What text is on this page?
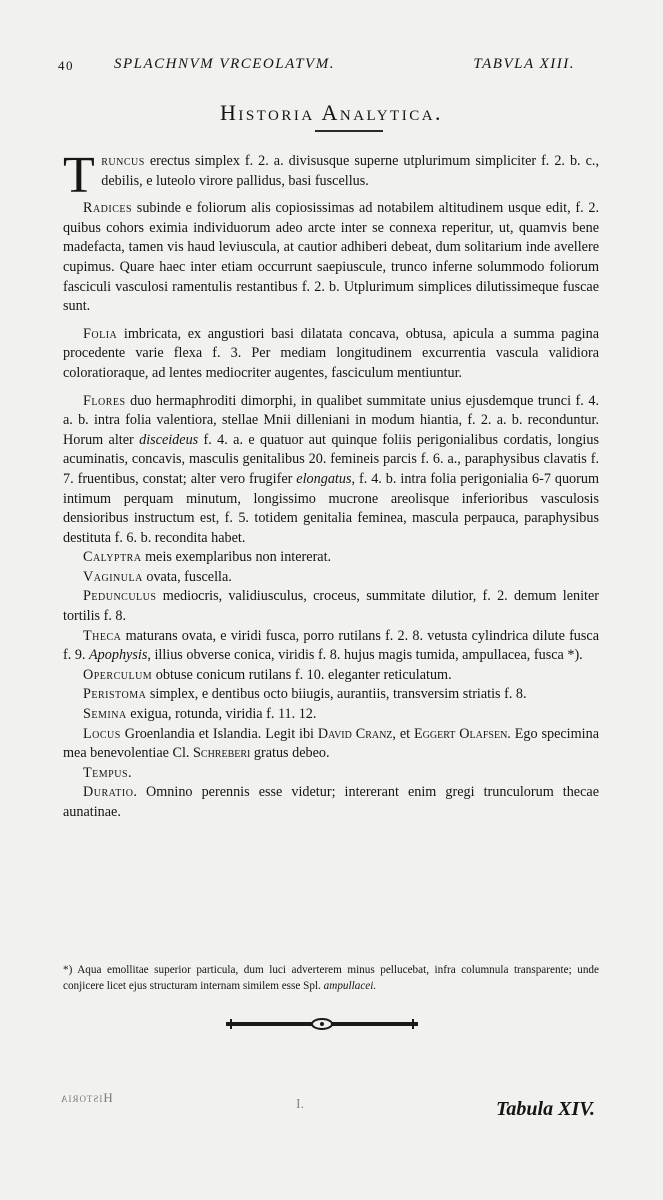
40	SPLACHNVM VRCEOLATVM.	TABVLA XIII.
Historia Analytica.

Truncus erectus simplex f. 2. a. divisusque superne utplurimum simpliciter f. 2. b. c., debilis, e luteolo virore pallidus, basi fuscellus.

Radices subinde e foliorum alis copiosissimas ad notabilem altitudinem usque edit, f. 2. quibus cohors eximia individuorum adeo arcte inter se connexa reperitur, ut, quamvis bene madefacta, tamen vis haud leviuscula, at cautior adhiberi debeat, dum solitarium inde avellere cupimus. Quare haec inter etiam occurrunt saepiuscule, trunco inferne solummodo foliorum fasciculi vasculosi ramentulis restantibus f. 2. b. Utplurimum simplices dilutissimeque fuscae sunt.

Folia imbricata, ex angustiori basi dilatata concava, obtusa, apicula a summa pagina procedente varie flexa f. 3. Per mediam longitudinem excurrentia vascula validiora coloratioraque, ad lentes mediocriter augentes, fasciculum mentiuntur.

Flores duo hermaphroditi dimorphi, in qualibet summitate unius ejusdemque trunci f. 4. a. b. intra folia valentiora, stellae Mnii dilleniani in modum hiantia, f. 2. a. b. reconduntur. Horum alter disceideus f. 4. a. e quatuor aut quinque foliis perigonialibus cordatis, longius acuminatis, concavis, masculis genitalibus 20. femineis parcis f. 6. a., paraphysibus clavatis f. 7. fruentibus, constat; alter vero frugifer elongatus, f. 4. b. intra folia perigonialia 6-7 quorum intimum perquam minutum, longissimo mucrone areolisque inferioribus vasculosis densioribus instructum est, f. 5. totidem genitalia feminea, mascula perpauca, paraphysibus destituta f. 6. b. recondita habet.

Calyptra meis exemplaribus non intererat.

Vaginula ovata, fuscella.

Pedunculus mediocris, validiusculus, croceus, summitate dilutior, f. 2. demum leniter tortilis f. 8.

Theca maturans ovata, e viridi fusca, porro rutilans f. 2. 8. vetusta cylindrica dilute fusca f. 9. Apophysis, illius obverse conica, viridis f. 8. hujus magis tumida, ampullacea, fusca *).

Operculum obtuse conicum rutilans f. 10. eleganter reticulatum.

Peristoma simplex, e dentibus octo biiugis, aurantiis, transversim striatis f. 8.

Semina exigua, rotunda, viridia f. 11. 12.

Locus Groenlandia et Islandia. Legit ibi David Cranz, et Eggert Olafsen. Ego specimina mea benevolentiae Cl. Schreberi gratus debeo.

Tempus.

Duratio. Omnino perennis esse videtur; intererant enim gregi trunculorum thecae aunatinae.

*) Aqua emollitae superior particula, dum luci adverterem minus pellucebat, infra columnula transparente; unde conjicere licet ejus structuram internam similem esse Spl. ampullacei.
Historia	I.	Tabula XIV.
